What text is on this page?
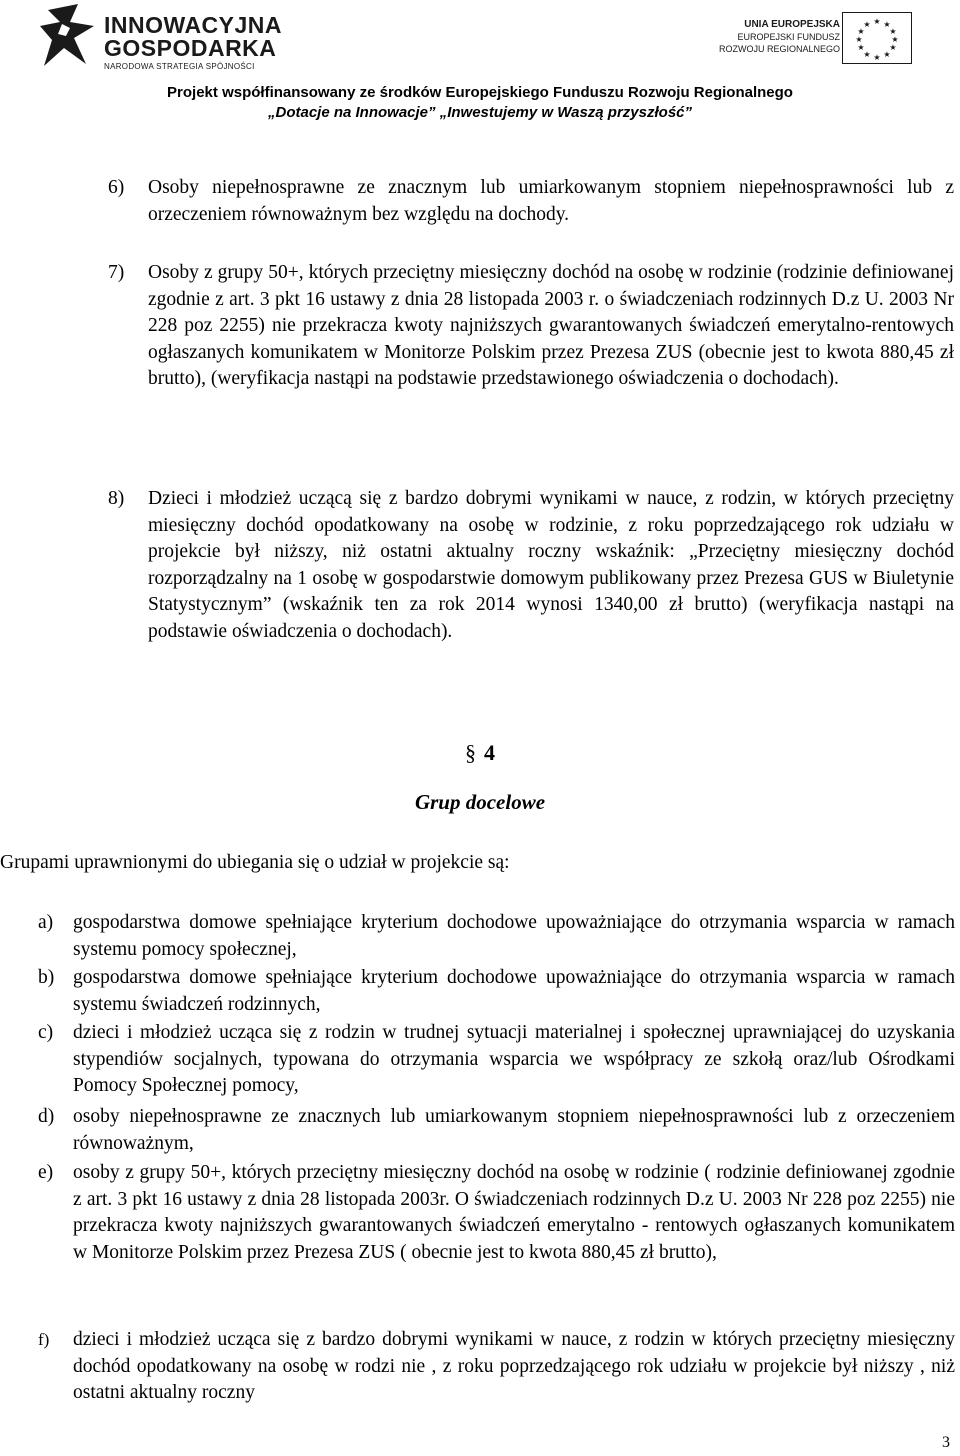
INNOWACYJNA
GOSPODARKA
NARODOWA STRATEGIA SPÓJNOŚCI
UNIA EUROPEJSKA
EUROPEJSKI FUNDUSZ
ROZWOJU REGIONALNEGO
★ ★
★
★
★
★
★
★
★
★
★
★
Projekt współfinansowany ze środków Europejskiego Funduszu Rozwoju Regionalnego
„Dotacje na Innowacje” „Inwestujemy w Waszą przyszłość”
6) Osoby niepełnosprawne ze znacznym lub umiarkowanym stopniem niepełnosprawności lub z orzeczeniem równoważnym bez względu na dochody.
7) Osoby z grupy 50+, których przeciętny miesięczny dochód na osobę w rodzinie (rodzinie definiowanej zgodnie z art. 3 pkt 16 ustawy z dnia 28 listopada 2003 r. o świadczeniach rodzinnych D.z U. 2003 Nr 228 poz 2255) nie przekracza kwoty najniższych gwarantowanych świadczeń emerytalno-rentowych ogłaszanych komunikatem w Monitorze Polskim przez Prezesa ZUS (obecnie jest to kwota 880,45 zł brutto), (weryfikacja nastąpi na podstawie przedstawionego oświadczenia o dochodach).
8) Dzieci i młodzież uczącą się z bardzo dobrymi wynikami w nauce, z rodzin, w których przeciętny miesięczny dochód opodatkowany na osobę w rodzinie, z roku poprzedzającego rok udziału w projekcie był niższy, niż ostatni aktualny roczny wskaźnik: „Przeciętny miesięczny dochód rozporządzalny na 1 osobę w gospodarstwie domowym publikowany przez Prezesa GUS w Biuletynie Statystycznym” (wskaźnik ten za rok 2014 wynosi 1340,00 zł brutto) (weryfikacja nastąpi na podstawie oświadczenia o dochodach).
§ 4
Grup docelowe
Grupami uprawnionymi do ubiegania się o udział w projekcie są:
a) gospodarstwa domowe spełniające kryterium dochodowe upoważniające do otrzymania wsparcia w ramach systemu pomocy społecznej,
b) gospodarstwa domowe spełniające kryterium dochodowe upoważniające do otrzymania wsparcia w ramach systemu świadczeń rodzinnych,
c) dzieci i młodzież ucząca się z rodzin w trudnej sytuacji materialnej i społecznej uprawniającej do uzyskania stypendiów socjalnych, typowana do otrzymania wsparcia we współpracy ze szkołą oraz/lub Ośrodkami Pomocy Społecznej pomocy,
d) osoby niepełnosprawne ze znacznych lub umiarkowanym stopniem niepełnosprawności lub z orzeczeniem równoważnym,
e) osoby z grupy 50+, których przeciętny miesięczny dochód na osobę w rodzinie ( rodzinie definiowanej zgodnie z art. 3 pkt 16 ustawy z dnia 28 listopada 2003r. O świadczeniach rodzinnych D.z U. 2003 Nr 228 poz 2255) nie przekracza kwoty najniższych gwarantowanych świadczeń emerytalno - rentowych ogłaszanych komunikatem w Monitorze Polskim przez Prezesa ZUS ( obecnie jest to kwota 880,45 zł brutto),
f) dzieci i młodzież ucząca się z bardzo dobrymi wynikami w nauce, z rodzin w których przeciętny miesięczny dochód opodatkowany na osobę w rodzi nie , z roku poprzedzającego rok udziału w projekcie był niższy , niż ostatni aktualny roczny
3
